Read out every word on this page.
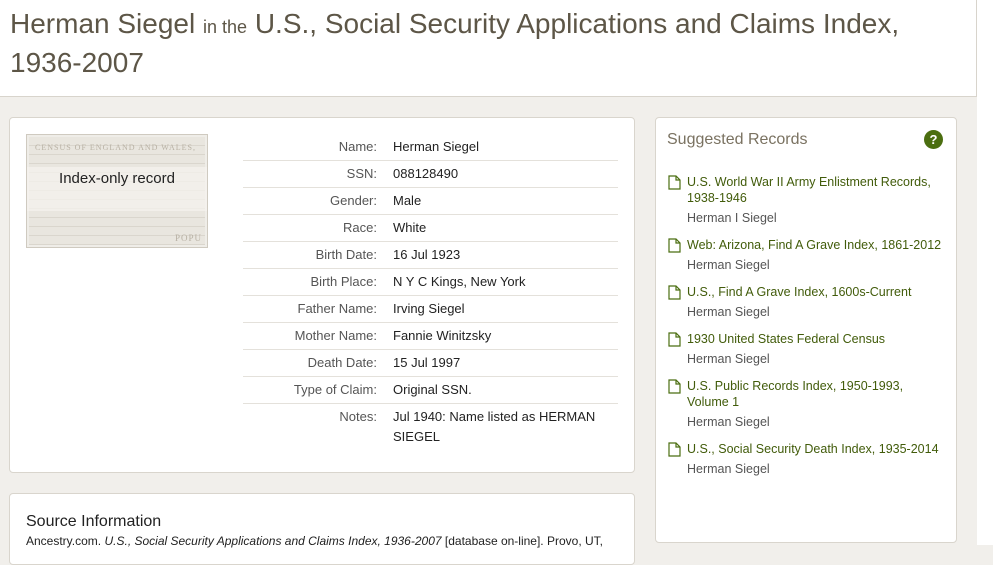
Herman Siegel in the U.S., Social Security Applications and Claims Index, 1936-2007
CENSUS OF ENGLAND AND WALES,
POPU
Index-only record
Name: Herman Siegel
SSN: 088128490
Gender: Male
Race: White
Birth Date: 16 Jul 1923
Birth Place: N Y C Kings, New York
Father Name: Irving Siegel
Mother Name: Fannie Winitzsky
Death Date: 15 Jul 1997
Type of Claim: Original SSN.
Notes: Jul 1940: Name listed as HERMAN SIEGEL
Source Information
Ancestry.com. U.S., Social Security Applications and Claims Index, 1936-2007 [database on-line]. Provo, UT,
Suggested Records	?
U.S. World War II Army Enlistment Records, 1938-1946
Herman I Siegel
Web: Arizona, Find A Grave Index, 1861-2012
Herman Siegel
U.S., Find A Grave Index, 1600s-Current
Herman Siegel
1930 United States Federal Census
Herman Siegel
U.S. Public Records Index, 1950-1993, Volume 1
Herman Siegel
U.S., Social Security Death Index, 1935-2014
Herman Siegel
